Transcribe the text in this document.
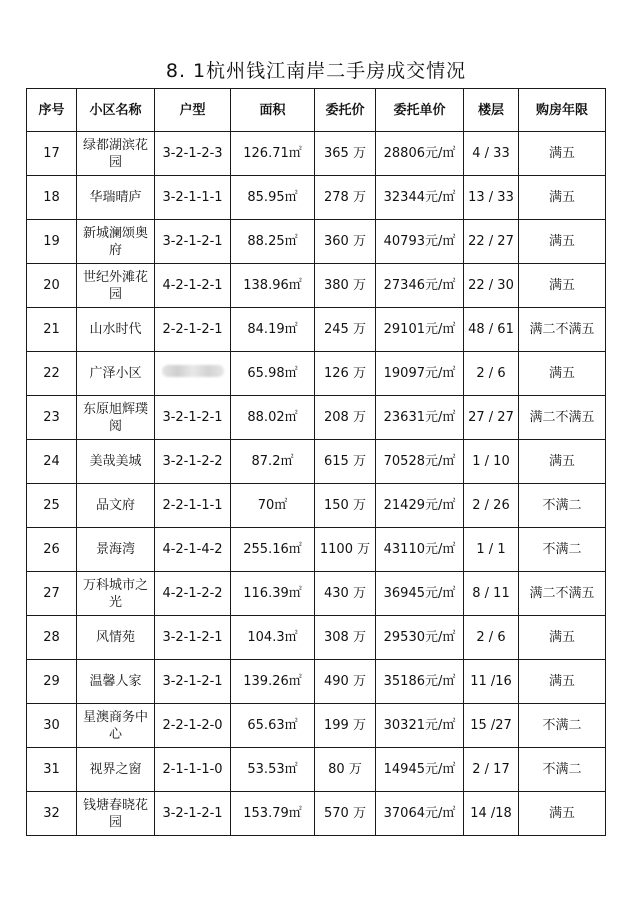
8. 1杭州钱江南岸二手房成交情况
序号	小区名称	户型	面积	委托价	委托单价	楼层	购房年限
17	绿都湖滨花园	3-2-1-2-3	126.71㎡	365 万	28806元/㎡	4 / 33	满五
18	华瑞晴庐	3-2-1-1-1	85.95㎡	278 万	32344元/㎡	13 / 33	满五
19	新城澜颂奥府	3-2-1-2-1	88.25㎡	360 万	40793元/㎡	22 / 27	满五
20	世纪外滩花园	4-2-1-2-1	138.96㎡	380 万	27346元/㎡	22 / 30	满五
21	山水时代	2-2-1-2-1	84.19㎡	245 万	29101元/㎡	48 / 61	满二不满五
22	广泽小区		65.98㎡	126 万	19097元/㎡	2 / 6	满五
23	东原旭辉璞阅	3-2-1-2-1	88.02㎡	208 万	23631元/㎡	27 / 27	满二不满五
24	美哉美城	3-2-1-2-2	87.2㎡	615 万	70528元/㎡	1 / 10	满五
25	品文府	2-2-1-1-1	70㎡	150 万	21429元/㎡	2 / 26	不满二
26	景海湾	4-2-1-4-2	255.16㎡	1100 万	43110元/㎡	1 / 1	不满二
27	万科城市之光	4-2-1-2-2	116.39㎡	430 万	36945元/㎡	8 / 11	满二不满五
28	风情苑	3-2-1-2-1	104.3㎡	308 万	29530元/㎡	2 / 6	满五
29	温馨人家	3-2-1-2-1	139.26㎡	490 万	35186元/㎡	11 /16	满五
30	星澳商务中心	2-2-1-2-0	65.63㎡	199 万	30321元/㎡	15 /27	不满二
31	视界之窗	2-1-1-1-0	53.53㎡	80 万	14945元/㎡	2 / 17	不满二
32	钱塘春晓花园	3-2-1-2-1	153.79㎡	570 万	37064元/㎡	14 /18	满五
